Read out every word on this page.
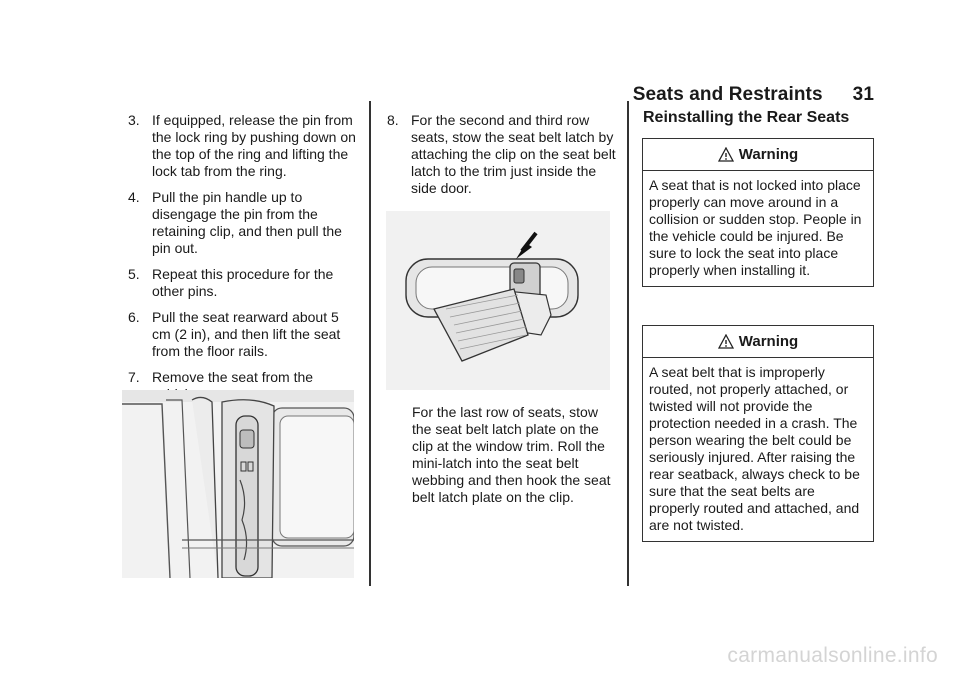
Seats and Restraints 31
3. If equipped, release the pin from the lock ring by pushing down on the top of the ring and lifting the lock tab from the ring.
4. Pull the pin handle up to disengage the pin from the retaining clip, and then pull the pin out.
5. Repeat this procedure for the other pins.
6. Pull the seat rearward about 5 cm (2 in), and then lift the seat from the floor rails.
7. Remove the seat from the
8. For the second and third row seats, stow the seat belt latch by attaching the clip on the seat belt latch to the trim just inside the side door.
For the last row of seats, stow the seat belt latch plate on the clip at the window trim. Roll the mini-latch into the seat belt webbing and then hook the seat belt latch plate on the clip.
Reinstalling the Rear Seats
Warning
A seat that is not locked into place properly can move around in a collision or sudden stop. People in the vehicle could be injured. Be sure to lock the seat into place properly when installing it.
Warning
A seat belt that is improperly routed, not properly attached, or twisted will not provide the protection needed in a crash. The person wearing the belt could be seriously injured. After raising the rear seatback, always check to be sure that the seat belts are properly routed and attached, and are not twisted.
carmanualsonline.info
